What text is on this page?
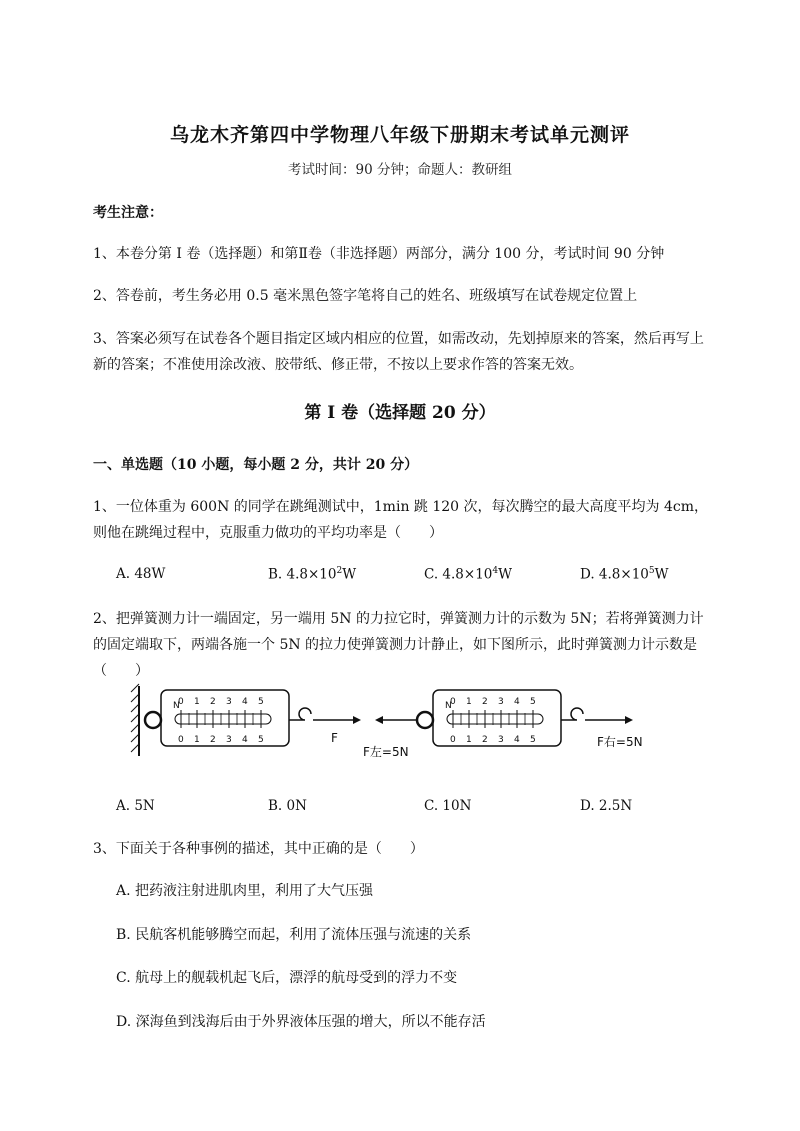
乌龙木齐第四中学物理八年级下册期末考试单元测评
考试时间：90 分钟；命题人：教研组
考生注意：
1、本卷分第 I 卷（选择题）和第Ⅱ卷（非选择题）两部分，满分 100 分，考试时间 90 分钟
2、答卷前，考生务必用 0.5 毫米黑色签字笔将自己的姓名、班级填写在试卷规定位置上
3、答案必须写在试卷各个题目指定区域内相应的位置，如需改动，先划掉原来的答案，然后再写上新的答案；不准使用涂改液、胶带纸、修正带，不按以上要求作答的答案无效。
第 I 卷（选择题 20 分）
一、单选题（10 小题，每小题 2 分，共计 20 分）
1、一位体重为 600N 的同学在跳绳测试中，1min 跳 120 次，每次腾空的最大高度平均为 4cm，则他在跳绳过程中，克服重力做功的平均功率是（　　）
A. 48W	B. $4.8\times 10^2W$	C. $4.8\times 10^4W$	D. $4.8\times 10^5W$
2、把弹簧测力计一端固定，另一端用 5N 的力拉它时，弹簧测力计的示数为 5N；若将弹簧测力计的固定端取下，两端各施一个 5N 的拉力使弹簧测力计静止，如下图所示，此时弹簧测力计示数是（　　）
N
0 1 2 3 4 5
0 1 2 3 4 5	F
F左=5N
N
0 1 2 3 4 5
0 1 2 3 4 5	F右=5N
A. 5N	B. 0N	C. 10N	D. 2.5N
3、下面关于各种事例的描述，其中正确的是（　　）
A. 把药液注射进肌肉里，利用了大气压强
B. 民航客机能够腾空而起，利用了流体压强与流速的关系
C. 航母上的舰载机起飞后，漂浮的航母受到的浮力不变
D. 深海鱼到浅海后由于外界液体压强的增大，所以不能存活
